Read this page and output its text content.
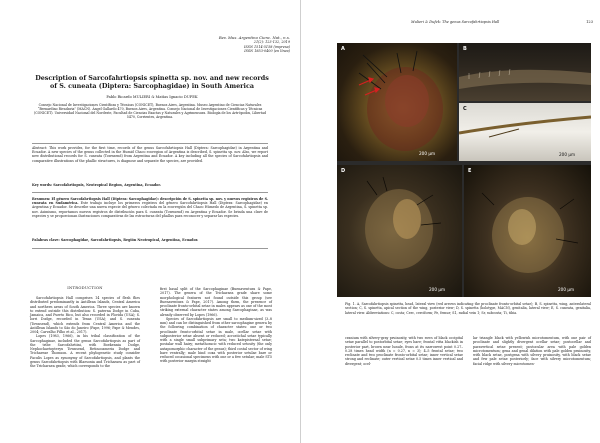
Rev. Mus. Argentino Cienc. Nat., n.s.
21(2): 123-132, 2019
ISSN 1514-5158 (impresa)
ISSN 1853-0400 (en línea)
Description of Sarcofahrtiopsis spinetta sp. nov. and new records
of S. cuneata (Diptera: Sarcophagidae) in South America
Pablo Ricardo MULIERI & Matías Ignacio DUFEK
Consejo Nacional de Investigaciones Científicas y Técnicas (CONICET), Buenos Aires, Argentina. Museo Argentino de Ciencias Naturales “Bernardino Rivadavia” (MACN). Ángel Gallardo 470, Buenos Aires, Argentina. Consejo Nacional de Investigaciones Científicas y Técnicas (CONICET). Universidad Nacional del Nordeste, Facultad de Ciencias Exactas y Naturales y Agrimensura. Biología de los Artrópodos, Libertad 5470, Corrientes, Argentina.
Abstract: This work provides, for the first time, records of the genus Sarcofahrtiopsis Hall (Diptera: Sarcophagidae) in Argentina and Ecuador. A new species of the genus collected in the Humid Chaco ecoregion of Argentina is described, S. spinetta sp. nov. Also, we report new distributional records for S. cuneata (Townsend) from Argentina and Ecuador. A key including all the species of Sarcofahrtiopsis and comparative illustrations of the phallic structures, is diagnose and separate the species, are provided.
Key words: Sarcofahrtiopsis, Neotropical Region, Argentina, Ecuador.
Resumen: El género Sarcofahrtiopsis Hall (Diptera: Sarcophagidae): descripción de S. spinetta sp. nov. y nuevos registros de S. cuneata en Sudamérica. Este trabajo incluye los primeros registros del género Sarcofahrtiopsis Hall (Diptera: Sarcophagidae) en Argentina y Ecuador. Se describe una nueva especie del género colectada en la ecorregión del Chaco Húmedo de Argentina, S. spinetta sp. nov. Asimismo, reportamos nuevos registros de distribución para S. cuneata (Townsend) en Argentina y Ecuador. Se brinda una clave de especies y se proporcionan ilustraciones comparativas de las estructuras del phallus para reconocer y separar las especies.
Palabras clave: Sarcophagidae, Sarcofahrtiopsis, Región Neotropical, Argentina, Ecuador.
INTRODUCTION

Sarcofahrtiopsis Hall comprises 14 species of flesh flies distributed predominantly in Antillean Islands, Central America and northern areas of South America. Three species are known to extend outside this distribution: S. paterna Dodge in Cuba, Jamaica, and Puerto Rico, but also recorded in Florida (USA); S. lorri Dodge, recorded in Texas (USA); and S. cuneata (Townsend), which extends from Central America and the Antillean Islands to São do Janeiro (Pape, 1996; Pape & Mendes, 2004; Carvalho Filho et al., 2017).

Lopes (1983, 1966), in his tribal classification of the Sarcophaginae, included the genus Sarcofahrtiopsis as part of the tribe Sarcofahrtiini, with Boekennia Dodge, Nephochaetopteryx Townsend, Retinocameria Dodge and Trichareae Thomson. A recent phylogenetic study consider Faculis Lopes as synonymy of Sarcofahrtiopsis, and plants the genus Sarcofahrtiopsis with Blaesoxia and Tricharaea as part of the Tricharaea grade, which corresponds to the

first basal split of the Sarcophaginae (Buenaventura & Pape, 2017). The genera of the Tricharaea grade share some morphological features not found outside this group (see Buenaventura & Pape, 2017). Among them, the presence of proclinate fronto-orbital setae in males appears as one of the most striking external character states among Sarcophaginae, as was already observed by Lopes (1966).

Species of Sarcofahrtiopsis are small to medium-sized (3–8 mm) and can be distinguished from other sarcophagine genera by the following combination of character states: one or two proclinate fronto-orbital setae in male, ocellar setae with subposterior setae absent or reduced; acrostichal setae typically with a single small subprimary seta; two katepisternal setae; postalar wall hairy; metathoracic with reduced setosity (the only autapomorphic character of the genus); third costal sector of wing bare ventrally; male hind coxa with posterior setulae bare or reduced occasional specimens with one or a few setulae; male ST5 with posterior margin straight

Mulieri & Dufek: The genus Sarcofahrtiopsis Hall	123
A
200 µm
B
C
200 µm
D
200 µm
E
200 µm
Fig. 1. A, Sarcofahrtiopsis spinetta, head, lateral view (red arrows indicating the proclinate fronto-orbital setae); B, S. spinetta, wing, anterolateral section; C, S. spinetta, apical section of the wing, posterior view; D, S. spinetta (holotype, MACN), genitalia, lateral view; E, S. cuneata, genitalia, lateral view. Abbreviations: C, costa; Cerc, cerciform; Fe, femur; S1, radial vein 1; Sr, subcosta; Ti, tibia.
cranium with silvery-gray pruinosity, with two rows of black occipital setae parallel to postorbital setae; eyes bare; frontal vitta blackish in posterior part, brown near lunule, frons at its narrowest point 0.27–0.28 times head width (n = 0.27, n = 3); 4–5 frontal setae; two reclinate and two proclinate fronto-orbital setae; inner vertical setae strong and reclinate; outer vertical setae 0.5 times inner vertical and divergent; ocel-
lar triangle black with yellowish microtomentum, with one pair of proclinate and slightly divergent ocellar setae; postocellar and paravertical setae present; postocular area with pale golden microtomentum; gena and genal dilation with pale golden pruinosity, with black setae, postgena with silvery pruinosity, with black setae and few pale setae posteriorly; face with silvery microtomentum; facial ridge with silvery microtomen-
